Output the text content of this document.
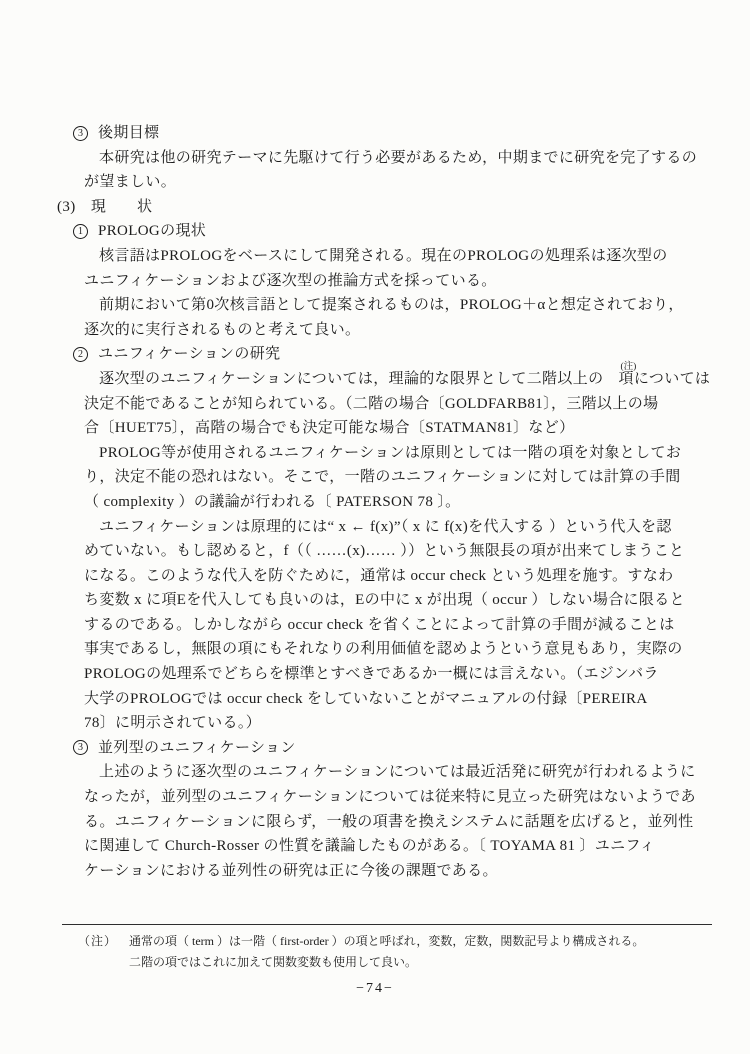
3 後期目標
本研究は他の研究テーマに先駆けて行う必要があるため，中期までに研究を完了するの
が望ましい。
(3)　現　　状
1 PROLOGの現状
核言語はPROLOGをベースにして開発される。現在のPROLOGの処理系は逐次型の
ユニフィケーションおよび逐次型の推論方式を採っている。
前期において第0次核言語として提案されるものは，PROLOG＋αと想定されており，
逐次的に実行されるものと考えて良い。
2 ユニフィケーションの研究
逐次型のユニフィケーションについては，理論的な限界として二階以上の
(注)
項については
決定不能であることが知られている。（二階の場合〔GOLDFARB81〕，三階以上の場
合〔HUET75〕，高階の場合でも決定可能な場合〔STATMAN81〕など）
PROLOG等が使用されるユニフィケーションは原則としては一階の項を対象としてお
り，決定不能の恐れはない。そこで，一階のユニフィケーションに対しては計算の手間
（ complexity ）の議論が行われる〔 PATERSON 78 〕。
ユニフィケーションは原理的には“ x ← f(x)”（ x に f(x)を代入する ）という代入を認
めていない。もし認めると，f（（ ……(x)…… ））という無限長の項が出来てしまうこと
になる。このような代入を防ぐために，通常は occur check という処理を施す。すなわ
ち変数 x に項Eを代入しても良いのは，Eの中に x が出現（ occur ）しない場合に限ると
するのである。しかしながら occur check を省くことによって計算の手間が減ることは
事実であるし，無限の項にもそれなりの利用価値を認めようという意見もあり，実際の
PROLOGの処理系でどちらを標準とすべきであるか一概には言えない。（エジンバラ
大学のPROLOGでは occur check をしていないことがマニュアルの付録〔PEREIRA
78〕に明示されている。）
3 並列型のユニフィケーション
上述のように逐次型のユニフィケーションについては最近活発に研究が行われるように
なったが，並列型のユニフィケーションについては従来特に見立った研究はないようであ
る。ユニフィケーションに限らず，一般の項書を換えシステムに話題を広げると，並列性
に関連して Church-Rosser の性質を議論したものがある。〔 TOYAMA 81 〕ユニフィ
ケーションにおける並列性の研究は正に今後の課題である。
（注） 通常の項（ term ）は一階（ first-order ）の項と呼ばれ，変数，定数，関数記号より構成される。
二階の項ではこれに加えて関数変数も使用して良い。
−74−
